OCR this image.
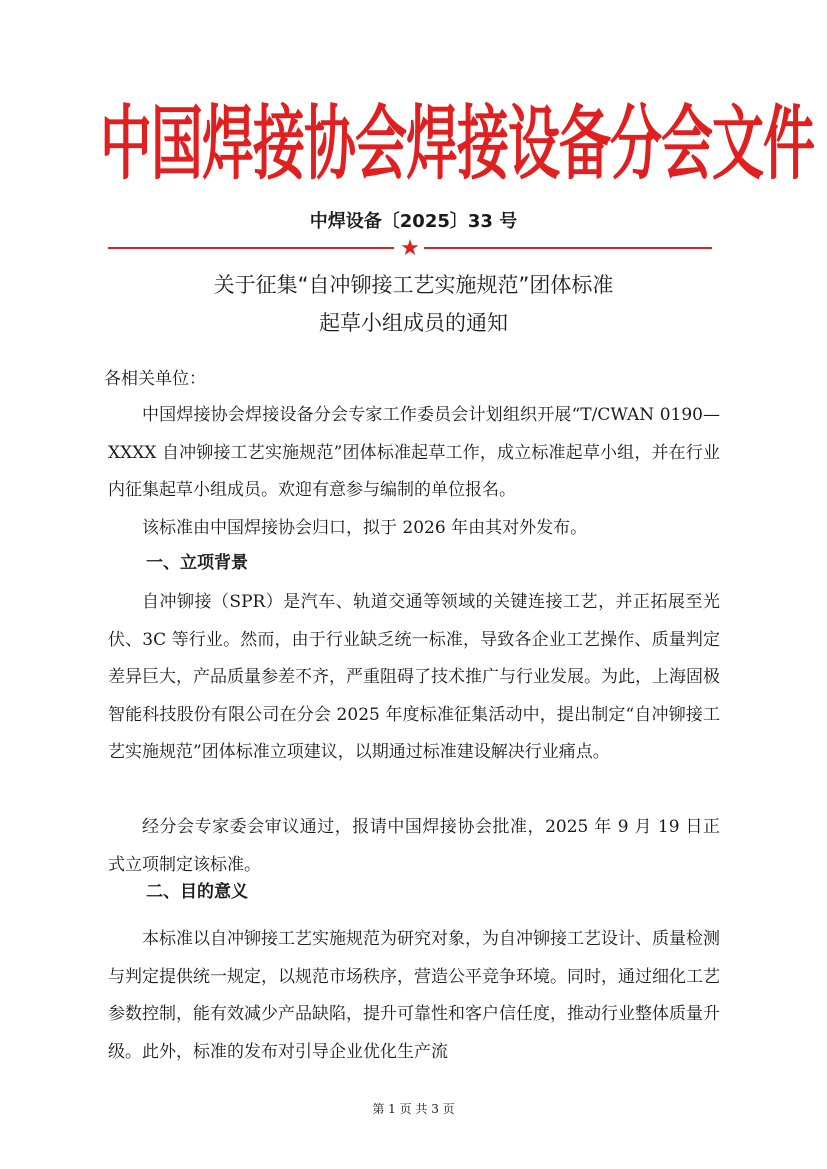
中国焊接协会焊接设备分会文件
中焊设备〔2025〕33 号
★
关于征集“自冲铆接工艺实施规范”团体标准
起草小组成员的通知
各相关单位：

中国焊接协会焊接设备分会专家工作委员会计划组织开展“T/CWAN 0190—XXXX 自冲铆接工艺实施规范”团体标准起草工作，成立标准起草小组，并在行业内征集起草小组成员。欢迎有意参与编制的单位报名。

该标准由中国焊接协会归口，拟于 2026 年由其对外发布。

一、立项背景

自冲铆接（SPR）是汽车、轨道交通等领域的关键连接工艺，并正拓展至光伏、3C 等行业。然而，由于行业缺乏统一标准，导致各企业工艺操作、质量判定差异巨大，产品质量参差不齐，严重阻碍了技术推广与行业发展。为此，上海固极智能科技股份有限公司在分会 2025 年度标准征集活动中，提出制定“自冲铆接工艺实施规范”团体标准立项建议，以期通过标准建设解决行业痛点。

经分会专家委会审议通过，报请中国焊接协会批准，2025 年 9 月 19 日正式立项制定该标准。

二、目的意义

本标准以自冲铆接工艺实施规范为研究对象，为自冲铆接工艺设计、质量检测与判定提供统一规定，以规范市场秩序，营造公平竞争环境。同时，通过细化工艺参数控制，能有效减少产品缺陷，提升可靠性和客户信任度，推动行业整体质量升级。此外，标准的发布对引导企业优化生产流

第 1 页 共 3 页
